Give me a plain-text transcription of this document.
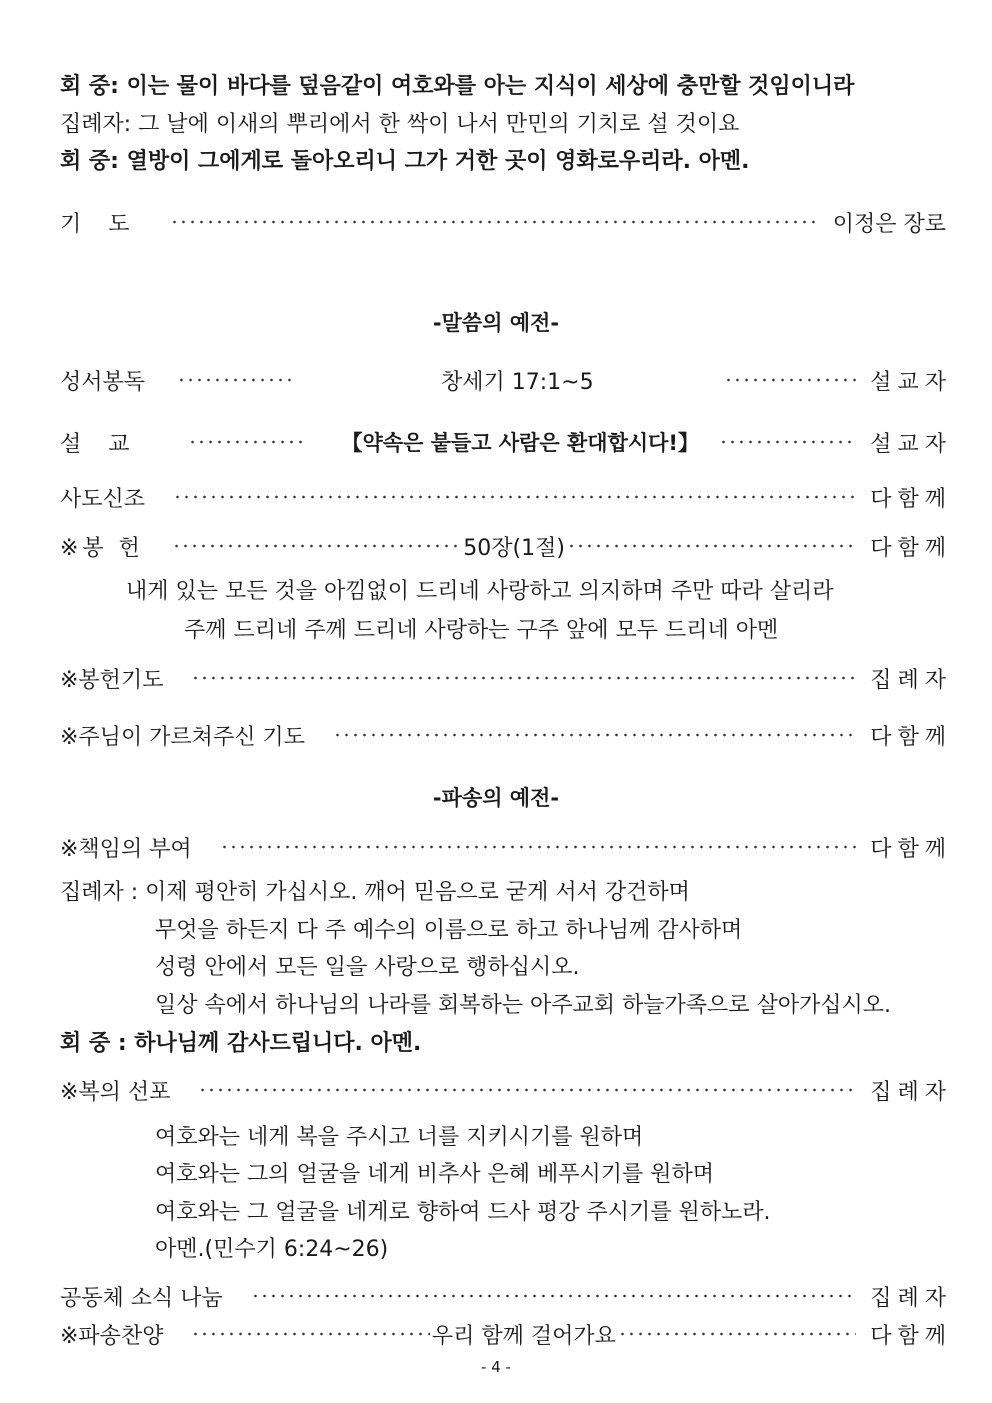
회 중: 이는 물이 바다를 덮음같이 여호와를 아는 지식이 세상에 충만할 것임이니라
집례자: 그 날에 이새의 뿌리에서 한 싹이 나서 만민의 기치로 설 것이요
회 중: 열방이 그에게로 돌아오리니 그가 거한 곳이 영화로우리라. 아멘.
기 도	이정은 장로
-말씀의 예전-
성서봉독	창세기 17:1~5	설교자
설 교	【약속은 붙들고 사람은 환대합시다!】	설교자
사도신조	다함께
※봉 헌	50장(1절)	다함께
내게 있는 모든 것을 아낌없이 드리네 사랑하고 의지하며 주만 따라 살리라
주께 드리네 주께 드리네 사랑하는 구주 앞에 모두 드리네 아멘
※봉헌기도	집례자
※주님이 가르쳐주신 기도	다함께
-파송의 예전-
※책임의 부여	다함께
집례자 : 이제 평안히 가십시오. 깨어 믿음으로 굳게 서서 강건하며
무엇을 하든지 다 주 예수의 이름으로 하고 하나님께 감사하며
성령 안에서 모든 일을 사랑으로 행하십시오.
일상 속에서 하나님의 나라를 회복하는 아주교회 하늘가족으로 살아가십시오.
회 중 : 하나님께 감사드립니다. 아멘.
※복의 선포	집례자
여호와는 네게 복을 주시고 너를 지키시기를 원하며
여호와는 그의 얼굴을 네게 비추사 은혜 베푸시기를 원하며
여호와는 그 얼굴을 네게로 향하여 드사 평강 주시기를 원하노라.
아멘.(민수기 6:24~26)
공동체 소식 나눔	집례자
※파송찬양	우리 함께 걸어가요	다함께
- 4 -
